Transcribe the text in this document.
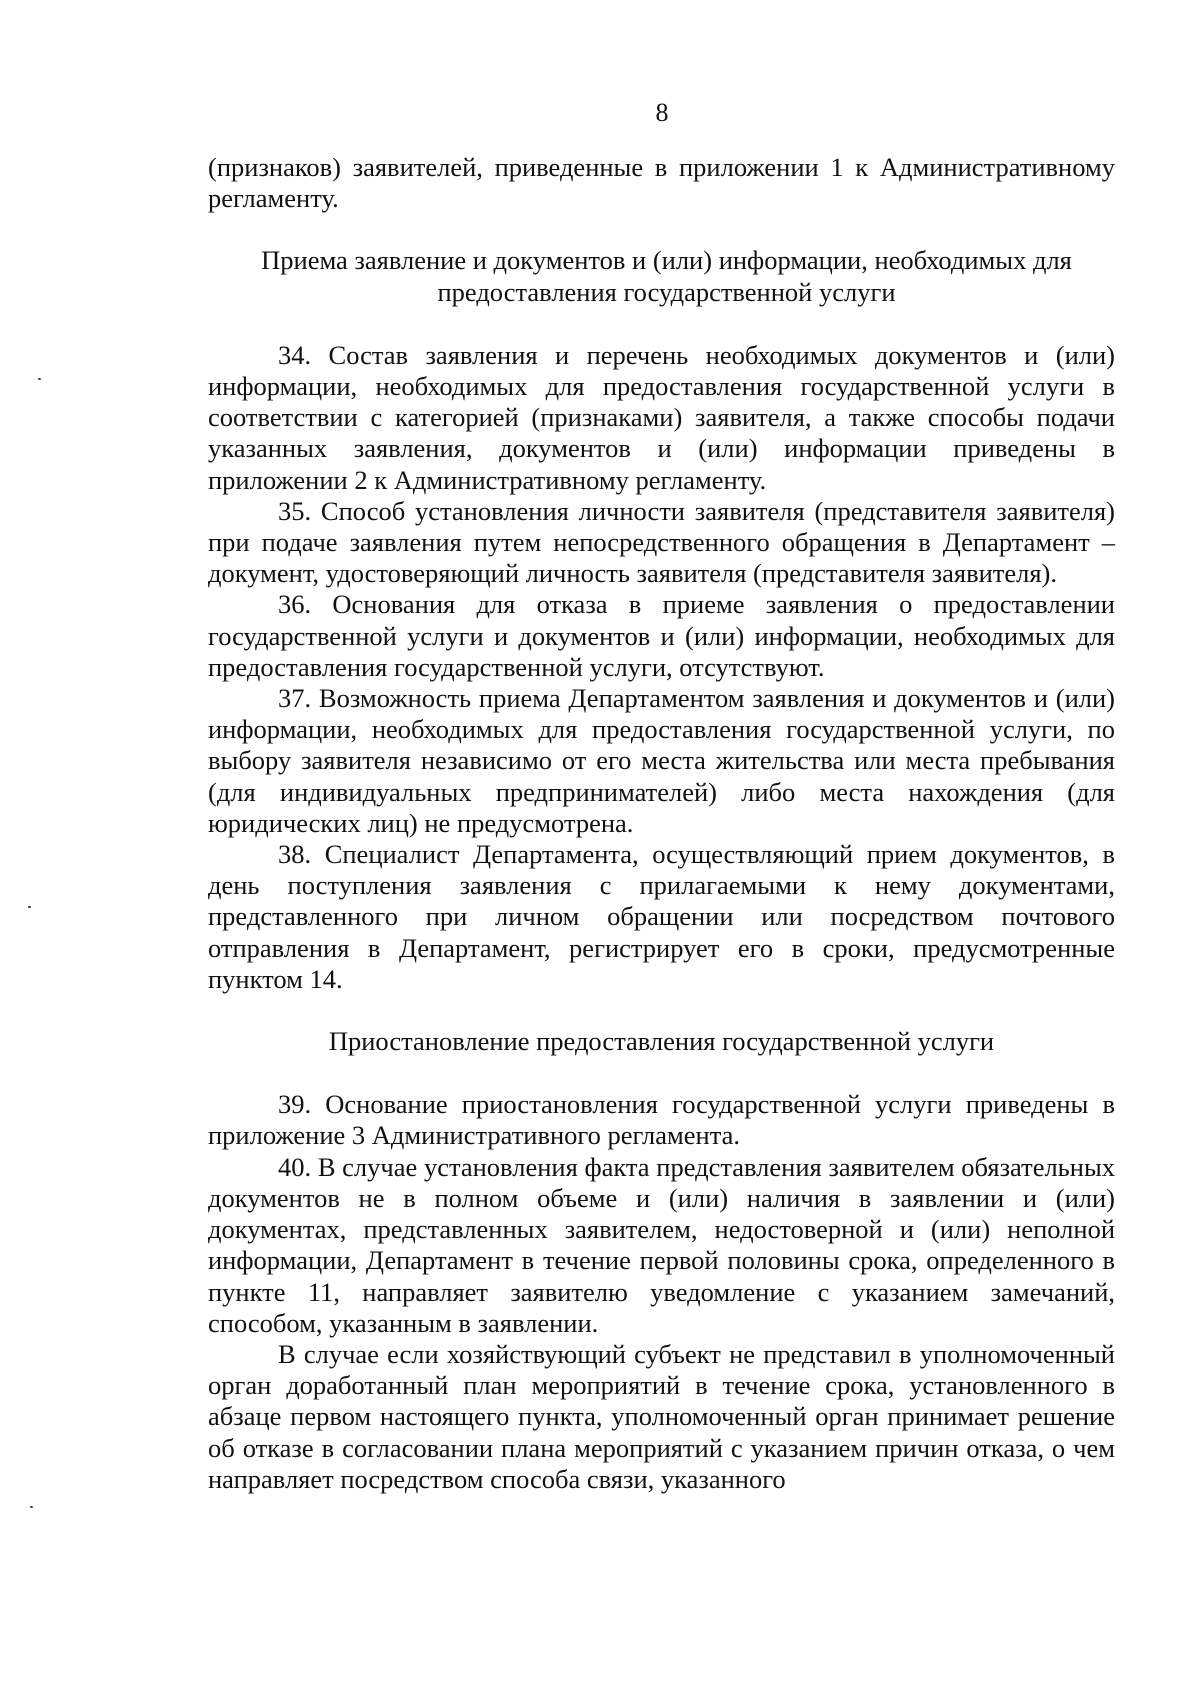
8

(признаков) заявителей, приведенные в приложении 1 к Административному регламенту.

Приема заявление и документов и (или) информации, необходимых для

предоставления государственной услуги

34. Состав заявления и перечень необходимых документов и (или) информации, необходимых для предоставления государственной услуги в соответствии с категорией (признаками) заявителя, а также способы подачи указанных заявления, документов и (или) информации приведены в приложении 2 к Административному регламенту.

35. Способ установления личности заявителя (представителя заявителя) при подаче заявления путем непосредственного обращения в Департамент – документ, удостоверяющий личность заявителя (представителя заявителя).

36. Основания для отказа в приеме заявления о предоставлении государственной услуги и документов и (или) информации, необходимых для предоставления государственной услуги, отсутствуют.

37. Возможность приема Департаментом заявления и документов и (или) информации, необходимых для предоставления государственной услуги, по выбору заявителя независимо от его места жительства или места пребывания (для индивидуальных предпринимателей) либо места нахождения (для юридических лиц) не предусмотрена.

38. Специалист Департамента, осуществляющий прием документов, в день поступления заявления с прилагаемыми к нему документами, представленного при личном обращении или посредством почтового отправления в Департамент, регистрирует его в сроки, предусмотренные пунктом 14.

Приостановление предоставления государственной услуги

39. Основание приостановления государственной услуги приведены в приложение 3 Административного регламента.

40. В случае установления факта представления заявителем обязательных документов не в полном объеме и (или) наличия в заявлении и (или) документах, представленных заявителем, недостоверной и (или) неполной информации, Департамент в течение первой половины срока, определенного в пункте 11, направляет заявителю уведомление с указанием замечаний, способом, указанным в заявлении.

В случае если хозяйствующий субъект не представил в уполномоченный орган доработанный план мероприятий в течение срока, установленного в абзаце первом настоящего пункта, уполномоченный орган принимает решение об отказе в согласовании плана мероприятий с указанием причин отказа, о чем направляет посредством способа связи, указанного
